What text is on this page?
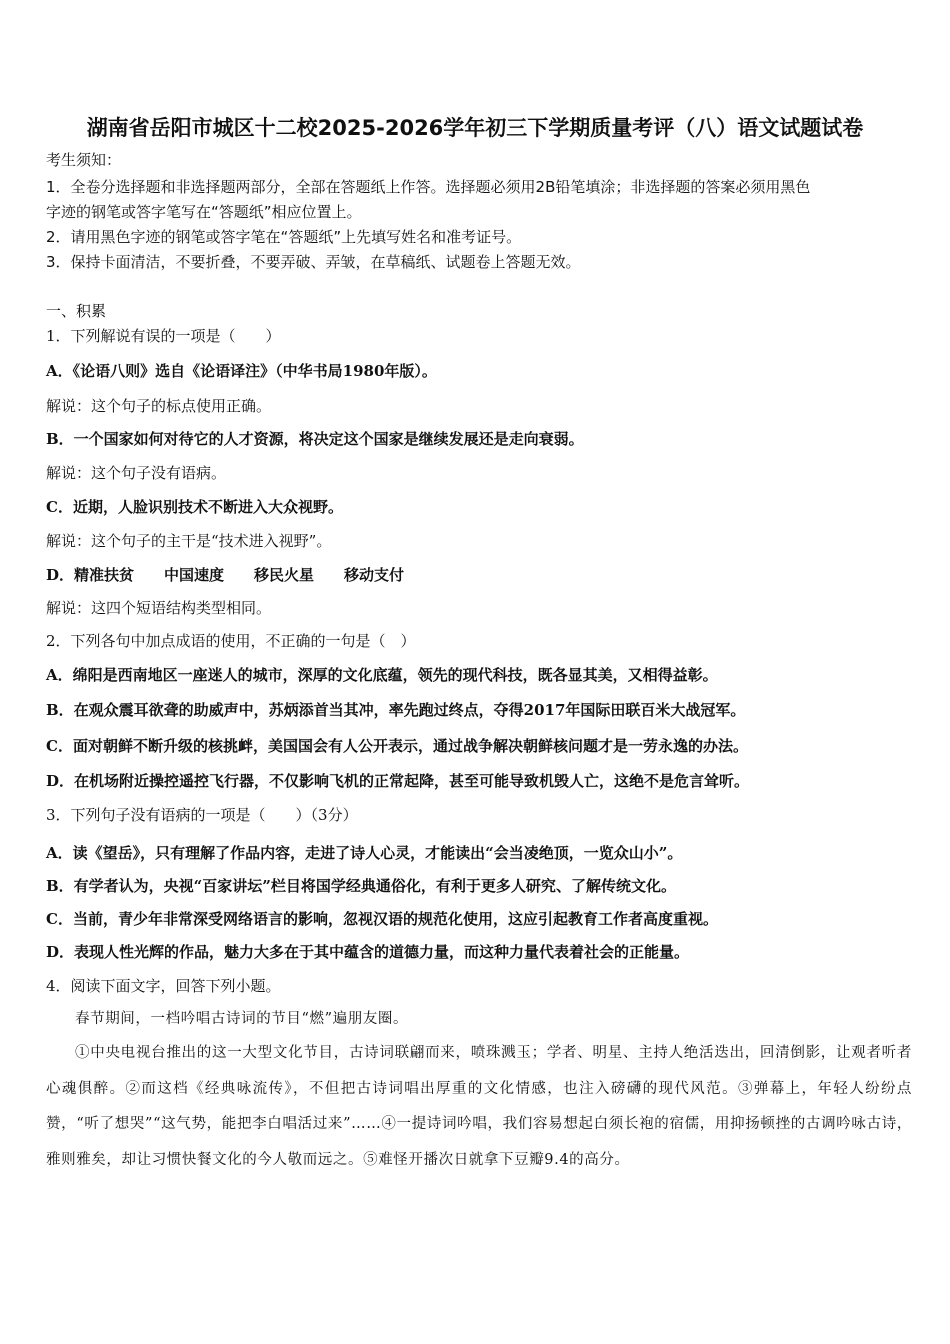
湖南省岳阳市城区十二校2025-2026学年初三下学期质量考评（八）语文试题试卷
考生须知：
1．全卷分选择题和非选择题两部分，全部在答题纸上作答。选择题必须用2B铅笔填涂；非选择题的答案必须用黑色
字迹的钢笔或答字笔写在“答题纸”相应位置上。
2．请用黑色字迹的钢笔或答字笔在“答题纸”上先填写姓名和准考证号。
3．保持卡面清洁，不要折叠，不要弄破、弄皱，在草稿纸、试题卷上答题无效。
一、积累
1．下列解说有误的一项是（　　）
A．《论语八则》选自《论语译注》（中华书局1980年版）。
解说：这个句子的标点使用正确。
B．一个国家如何对待它的人才资源，将决定这个国家是继续发展还是走向衰弱。
解说：这个句子没有语病。
C．近期，人脸识别技术不断进入大众视野。
解说：这个句子的主干是“技术进入视野”。
D．精准扶贫 中国速度 移民火星 移动支付
解说：这四个短语结构类型相同。
2．下列各句中加点成语的使用，不正确的一句是（　）
A．绵阳是西南地区一座迷人的城市，深厚的文化底蕴，领先的现代科技，既各显其美，又相得益彰。
B．在观众震耳欲聋的助威声中，苏炳添首当其冲，率先跑过终点，夺得2017年国际田联百米大战冠军。
C．面对朝鲜不断升级的核挑衅，美国国会有人公开表示，通过战争解决朝鲜核问题才是一劳永逸的办法。
D．在机场附近操控遥控飞行器，不仅影响飞机的正常起降，甚至可能导致机毁人亡，这绝不是危言耸听。
3．下列句子没有语病的一项是（　　）（3分）
A．读《望岳》，只有理解了作品内容，走进了诗人心灵，才能读出“会当凌绝顶，一览众山小”。
B．有学者认为，央视“百家讲坛”栏目将国学经典通俗化，有利于更多人研究、了解传统文化。
C．当前，青少年非常深受网络语言的影响，忽视汉语的规范化使用，这应引起教育工作者高度重视。
D．表现人性光辉的作品，魅力大多在于其中蕴含的道德力量，而这种力量代表着社会的正能量。
4．阅读下面文字，回答下列小题。
春节期间，一档吟唱古诗词的节目“燃”遍朋友圈。
①中央电视台推出的这一大型文化节目，古诗词联翩而来，喷珠溅玉；学者、明星、主持人绝活迭出，回清倒影，让观者听者心魂俱醉。②而这档《经典咏流传》，不但把古诗词唱出厚重的文化情感，也注入磅礴的现代风范。③弹幕上，年轻人纷纷点赞，“听了想哭”“这气势，能把李白唱活过来”……④一提诗词吟唱，我们容易想起白须长袍的宿儒，用抑扬顿挫的古调吟咏古诗，雅则雅矣，却让习惯快餐文化的今人敬而远之。⑤难怪开播次日就拿下豆瓣9.4的高分。
